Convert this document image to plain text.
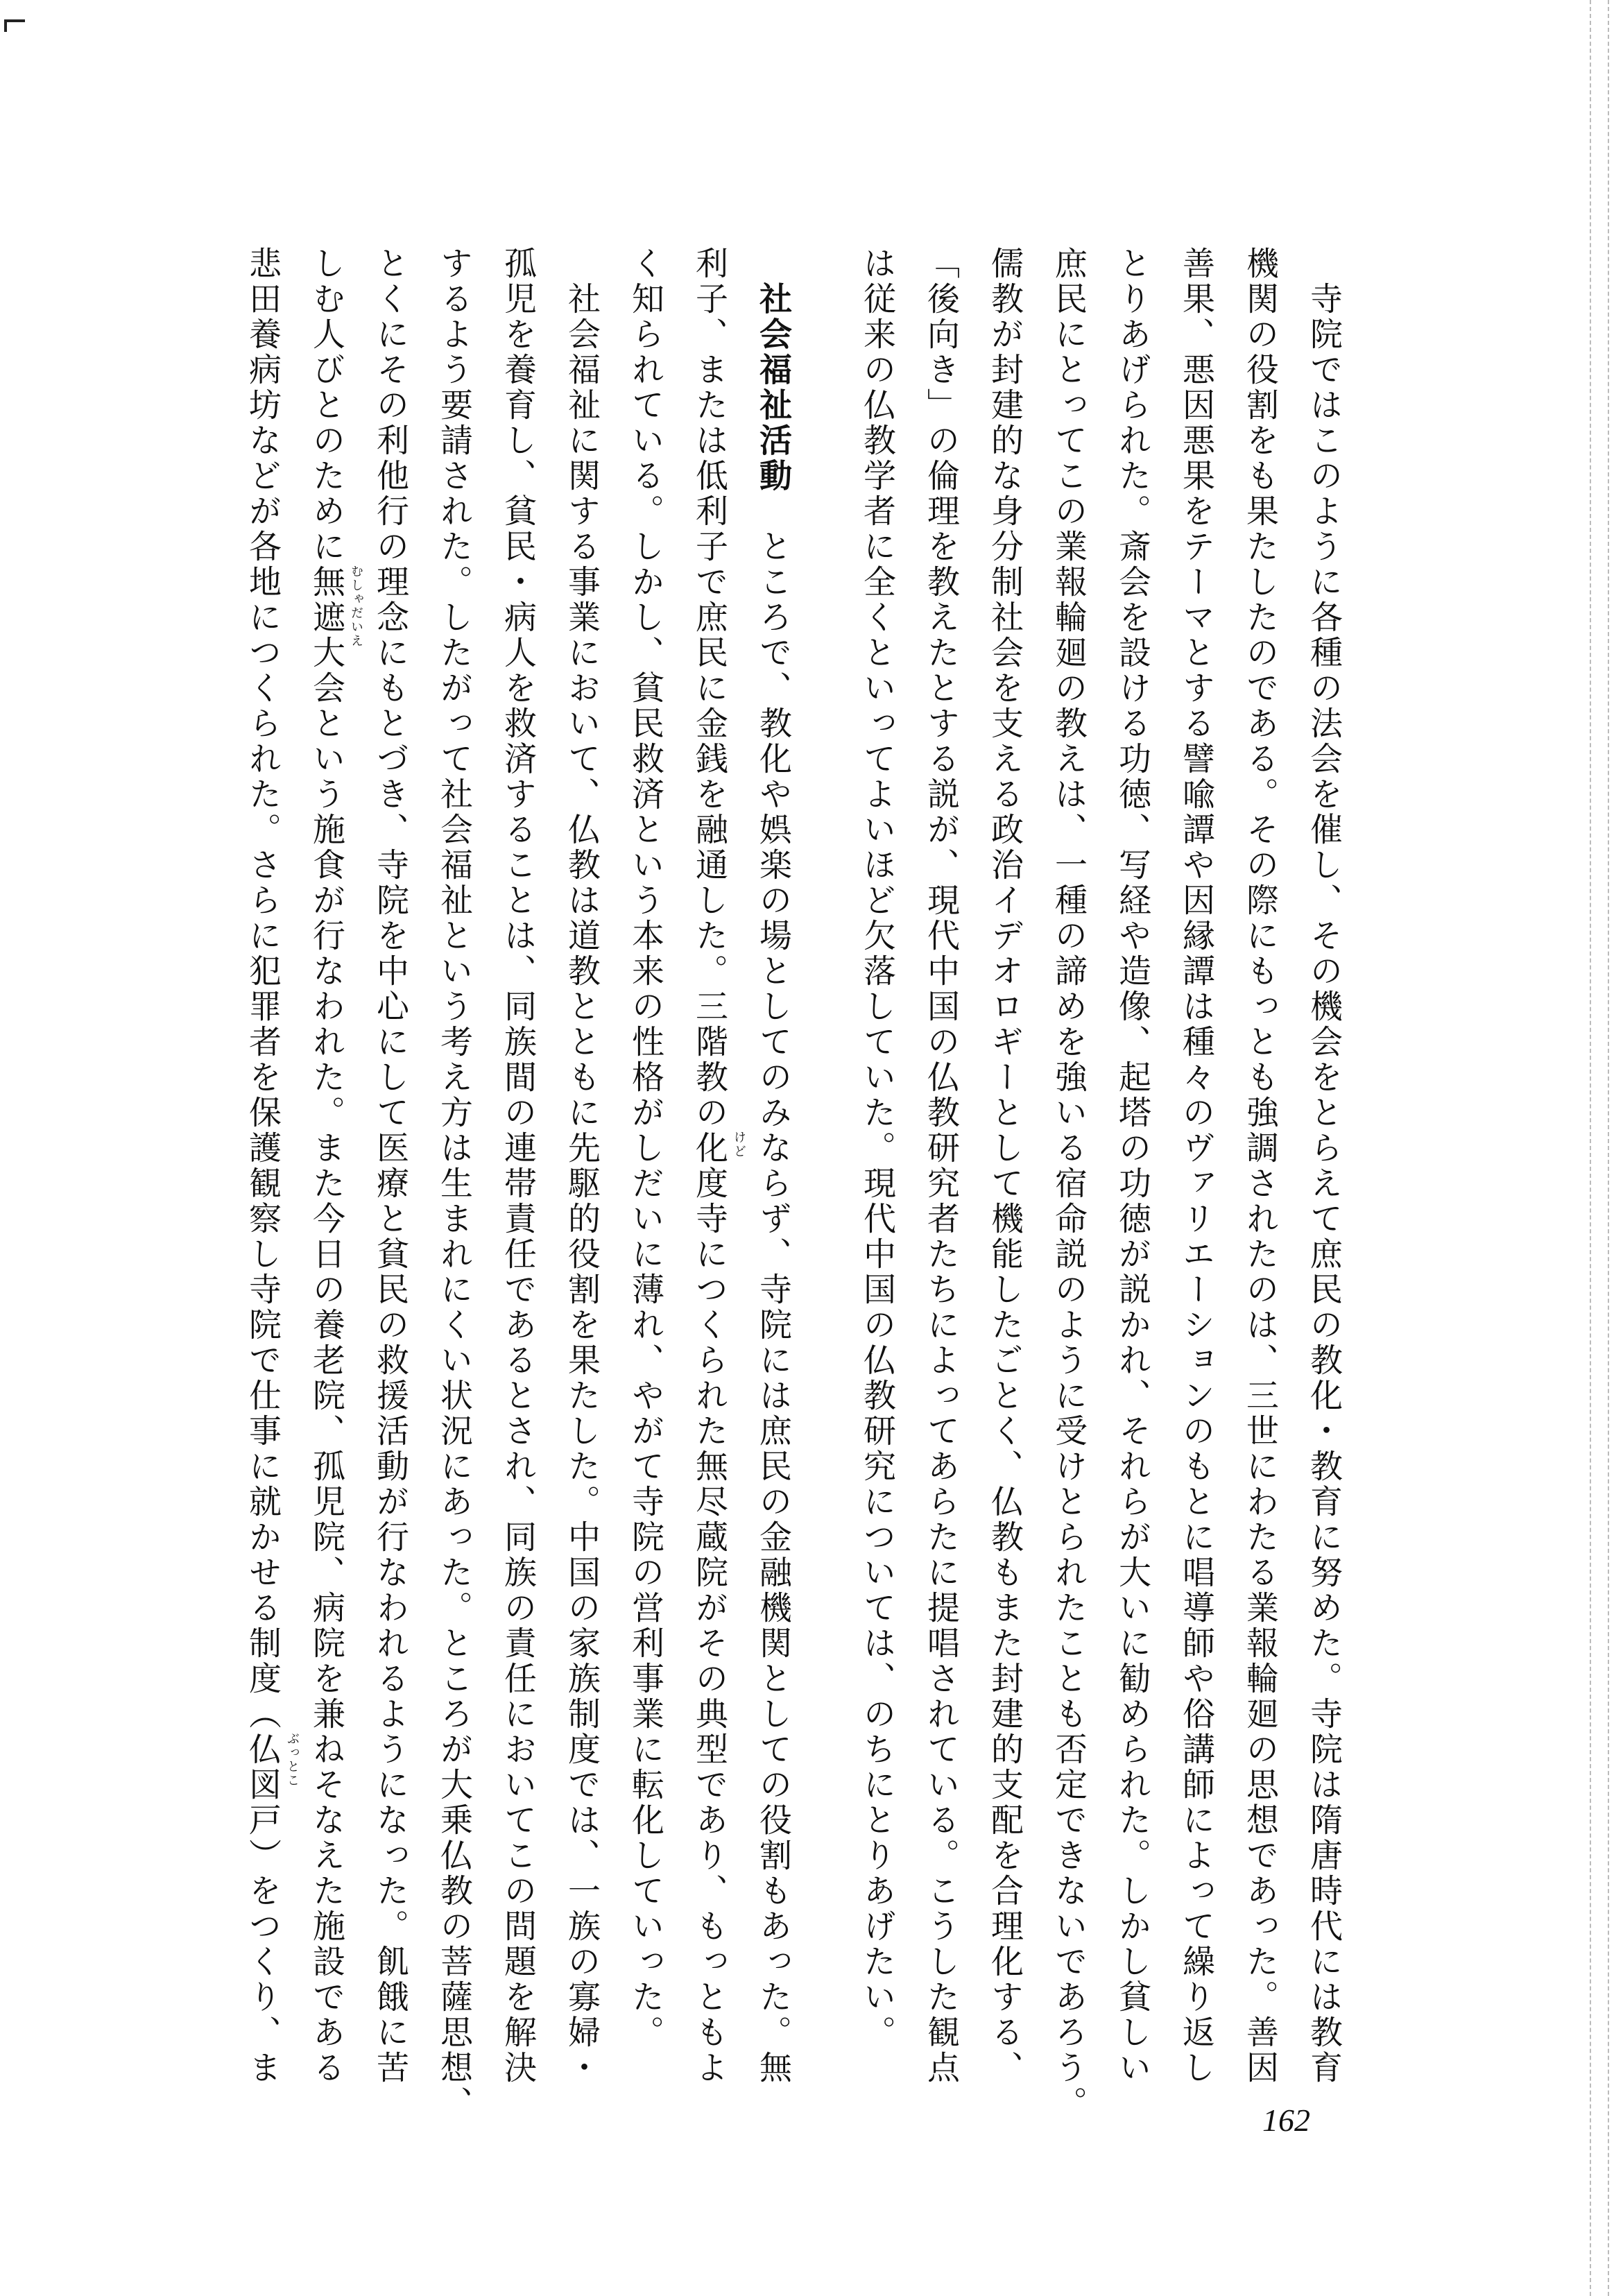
寺院ではこのように各種の法会を催し、その機会をとらえて庶民の教化・教育に努めた。寺院は隋唐時代には教育
機関の役割をも果たしたのである。その際にもっとも強調されたのは、三世にわたる業報輪廻の思想であった。善因
善果、悪因悪果をテーマとする譬喩譚や因縁譚は種々のヴァリエーションのもとに唱導師や俗講師によって繰り返し
とりあげられた。斎会を設ける功徳、写経や造像、起塔の功徳が説かれ、それらが大いに勧められた。しかし貧しい
庶民にとってこの業報輪廻の教えは、一種の諦めを強いる宿命説のように受けとられたことも否定できないであろう。
儒教が封建的な身分制社会を支える政治イデオロギーとして機能したごとく、仏教もまた封建的支配を合理化する、
「後向き」の倫理を教えたとする説が、現代中国の仏教研究者たちによってあらたに提唱されている。こうした観点
は従来の仏教学者に全くといってよいほど欠落していた。現代中国の仏教研究については、のちにとりあげたい。
社会福祉活動　ところで、教化や娯楽の場としてのみならず、寺院には庶民の金融機関としての役割もあった。無
利子、または低利子で庶民に金銭を融通した。三階教の化度 けど
寺につくられた無尽蔵院がその典型であり、もっともよ
く知られている。しかし、貧民救済という本来の性格がしだいに薄れ、やがて寺院の営利事業に転化していった。
社会福祉に関する事業において、仏教は道教とともに先駆的役割を果たした。中国の家族制度では、一族の寡婦・
孤児を養育し、貧民・病人を救済することは、同族間の連帯責任であるとされ、同族の責任においてこの問題を解決
するよう要請された。したがって社会福祉という考え方は生まれにくい状況にあった。ところが大乗仏教の菩薩思想、
とくにその利他行の理念にもとづき、寺院を中心にして医療と貧民の救援活動が行なわれるようになった。飢餓に苦
しむ人びとのために無遮大会 むしゃだいえ
という施食が行なわれた。また今日の養老院、孤児院、病院を兼ねそなえた施設である
悲田養病坊などが各地につくられた。さらに犯罪者を保護観察し寺院で仕事に就かせる制度（仏図戸 ぶっとこ
）をつくり、ま
162
